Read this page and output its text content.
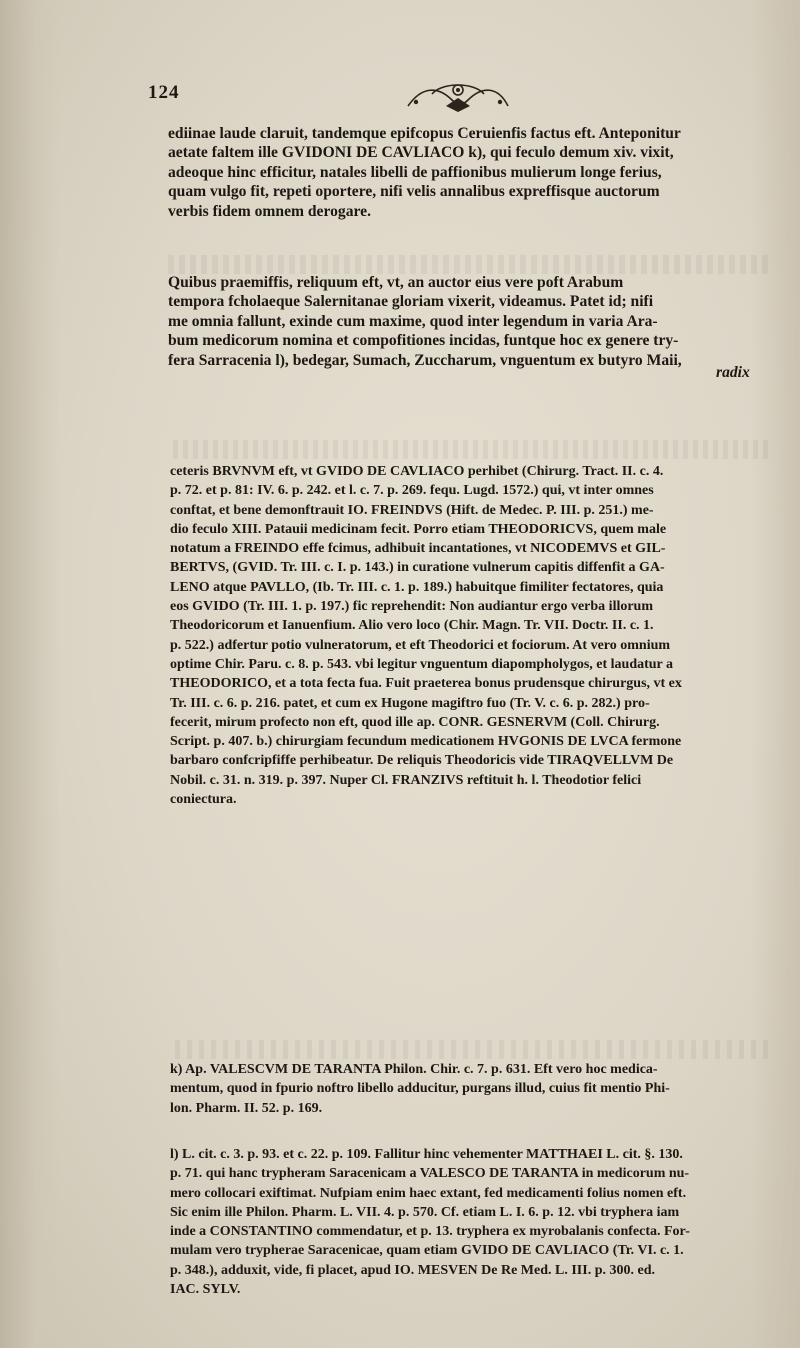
124
ediinae laude claruit, tandemque epifcopus Ceruienfis factus eft. Anteponitur
aetate faltem ille GVIDONI DE CAVLIACO k), qui feculo demum xiv. vixit,
adeoque hinc efficitur, natales libelli de paffionibus mulierum longe ferius,
quam vulgo fit, repeti oportere, nifi velis annalibus expreffisque auctorum
verbis fidem omnem derogare.
Quibus praemiffis, reliquum eft, vt, an auctor eius vere poft Arabum
tempora fcholaeque Salernitanae gloriam vixerit, videamus. Patet id; nifi
me omnia fallunt, exinde cum maxime, quod inter legendum in varia Ara-
bum medicorum nomina et compofitiones incidas, funtque hoc ex genere try-
fera Sarracenia l), bedegar, Sumach, Zuccharum, vnguentum ex butyro Maii,
radix
ceteris BRVNVM eft, vt GVIDO DE CAVLIACO perhibet (Chirurg. Tract. II. c. 4.
p. 72. et p. 81: IV. 6. p. 242. et l. c. 7. p. 269. fequ. Lugd. 1572.) qui, vt inter omnes
conftat, et bene demonftrauit IO. FREINDVS (Hift. de Medec. P. III. p. 251.) me-
dio feculo XIII. Patauii medicinam fecit. Porro etiam THEODORICVS, quem male
notatum a FREINDO effe fcimus, adhibuit incantationes, vt NICODEMVS et GIL-
BERTVS, (GVID. Tr. III. c. I. p. 143.) in curatione vulnerum capitis diffenfit a GA-
LENO atque PAVLLO, (Ib. Tr. III. c. 1. p. 189.) habuitque fimiliter fectatores, quia
eos GVIDO (Tr. III. 1. p. 197.) fic reprehendit: Non audiantur ergo verba illorum
Theodoricorum et Ianuenfium. Alio vero loco (Chir. Magn. Tr. VII. Doctr. II. c. 1.
p. 522.) adfertur potio vulneratorum, et eft Theodorici et fociorum. At vero omnium
optime Chir. Paru. c. 8. p. 543. vbi legitur vnguentum diapompholygos, et laudatur a
THEODORICO, et a tota fecta fua. Fuit praeterea bonus prudensque chirurgus, vt ex
Tr. III. c. 6. p. 216. patet, et cum ex Hugone magiftro fuo (Tr. V. c. 6. p. 282.) pro-
fecerit, mirum profecto non eft, quod ille ap. CONR. GESNERVM (Coll. Chirurg.
Script. p. 407. b.) chirurgiam fecundum medicationem HVGONIS DE LVCA fermone
barbaro confcripfiffe perhibeatur. De reliquis Theodoricis vide TIRAQVELLVM De
Nobil. c. 31. n. 319. p. 397. Nuper Cl. FRANZIVS reftituit h. l. Theodotior felici
coniectura.
k) Ap. VALESCVM DE TARANTA Philon. Chir. c. 7. p. 631. Eft vero hoc medica-
mentum, quod in fpurio noftro libello adducitur, purgans illud, cuius fit mentio Phi-
lon. Pharm. II. 52. p. 169.
l) L. cit. c. 3. p. 93. et c. 22. p. 109. Fallitur hinc vehementer MATTHAEI L. cit. §. 130.
p. 71. qui hanc trypheram Saracenicam a VALESCO DE TARANTA in medicorum nu-
mero collocari exiftimat. Nufpiam enim haec extant, fed medicamenti folius nomen eft.
Sic enim ille Philon. Pharm. L. VII. 4. p. 570. Cf. etiam L. I. 6. p. 12. vbi tryphera iam
inde a CONSTANTINO commendatur, et p. 13. tryphera ex myrobalanis confecta. For-
mulam vero trypherae Saracenicae, quam etiam GVIDO DE CAVLIACO (Tr. VI. c. 1.
p. 348.), adduxit, vide, fi placet, apud IO. MESVEN De Re Med. L. III. p. 300. ed.
IAC. SYLV.
